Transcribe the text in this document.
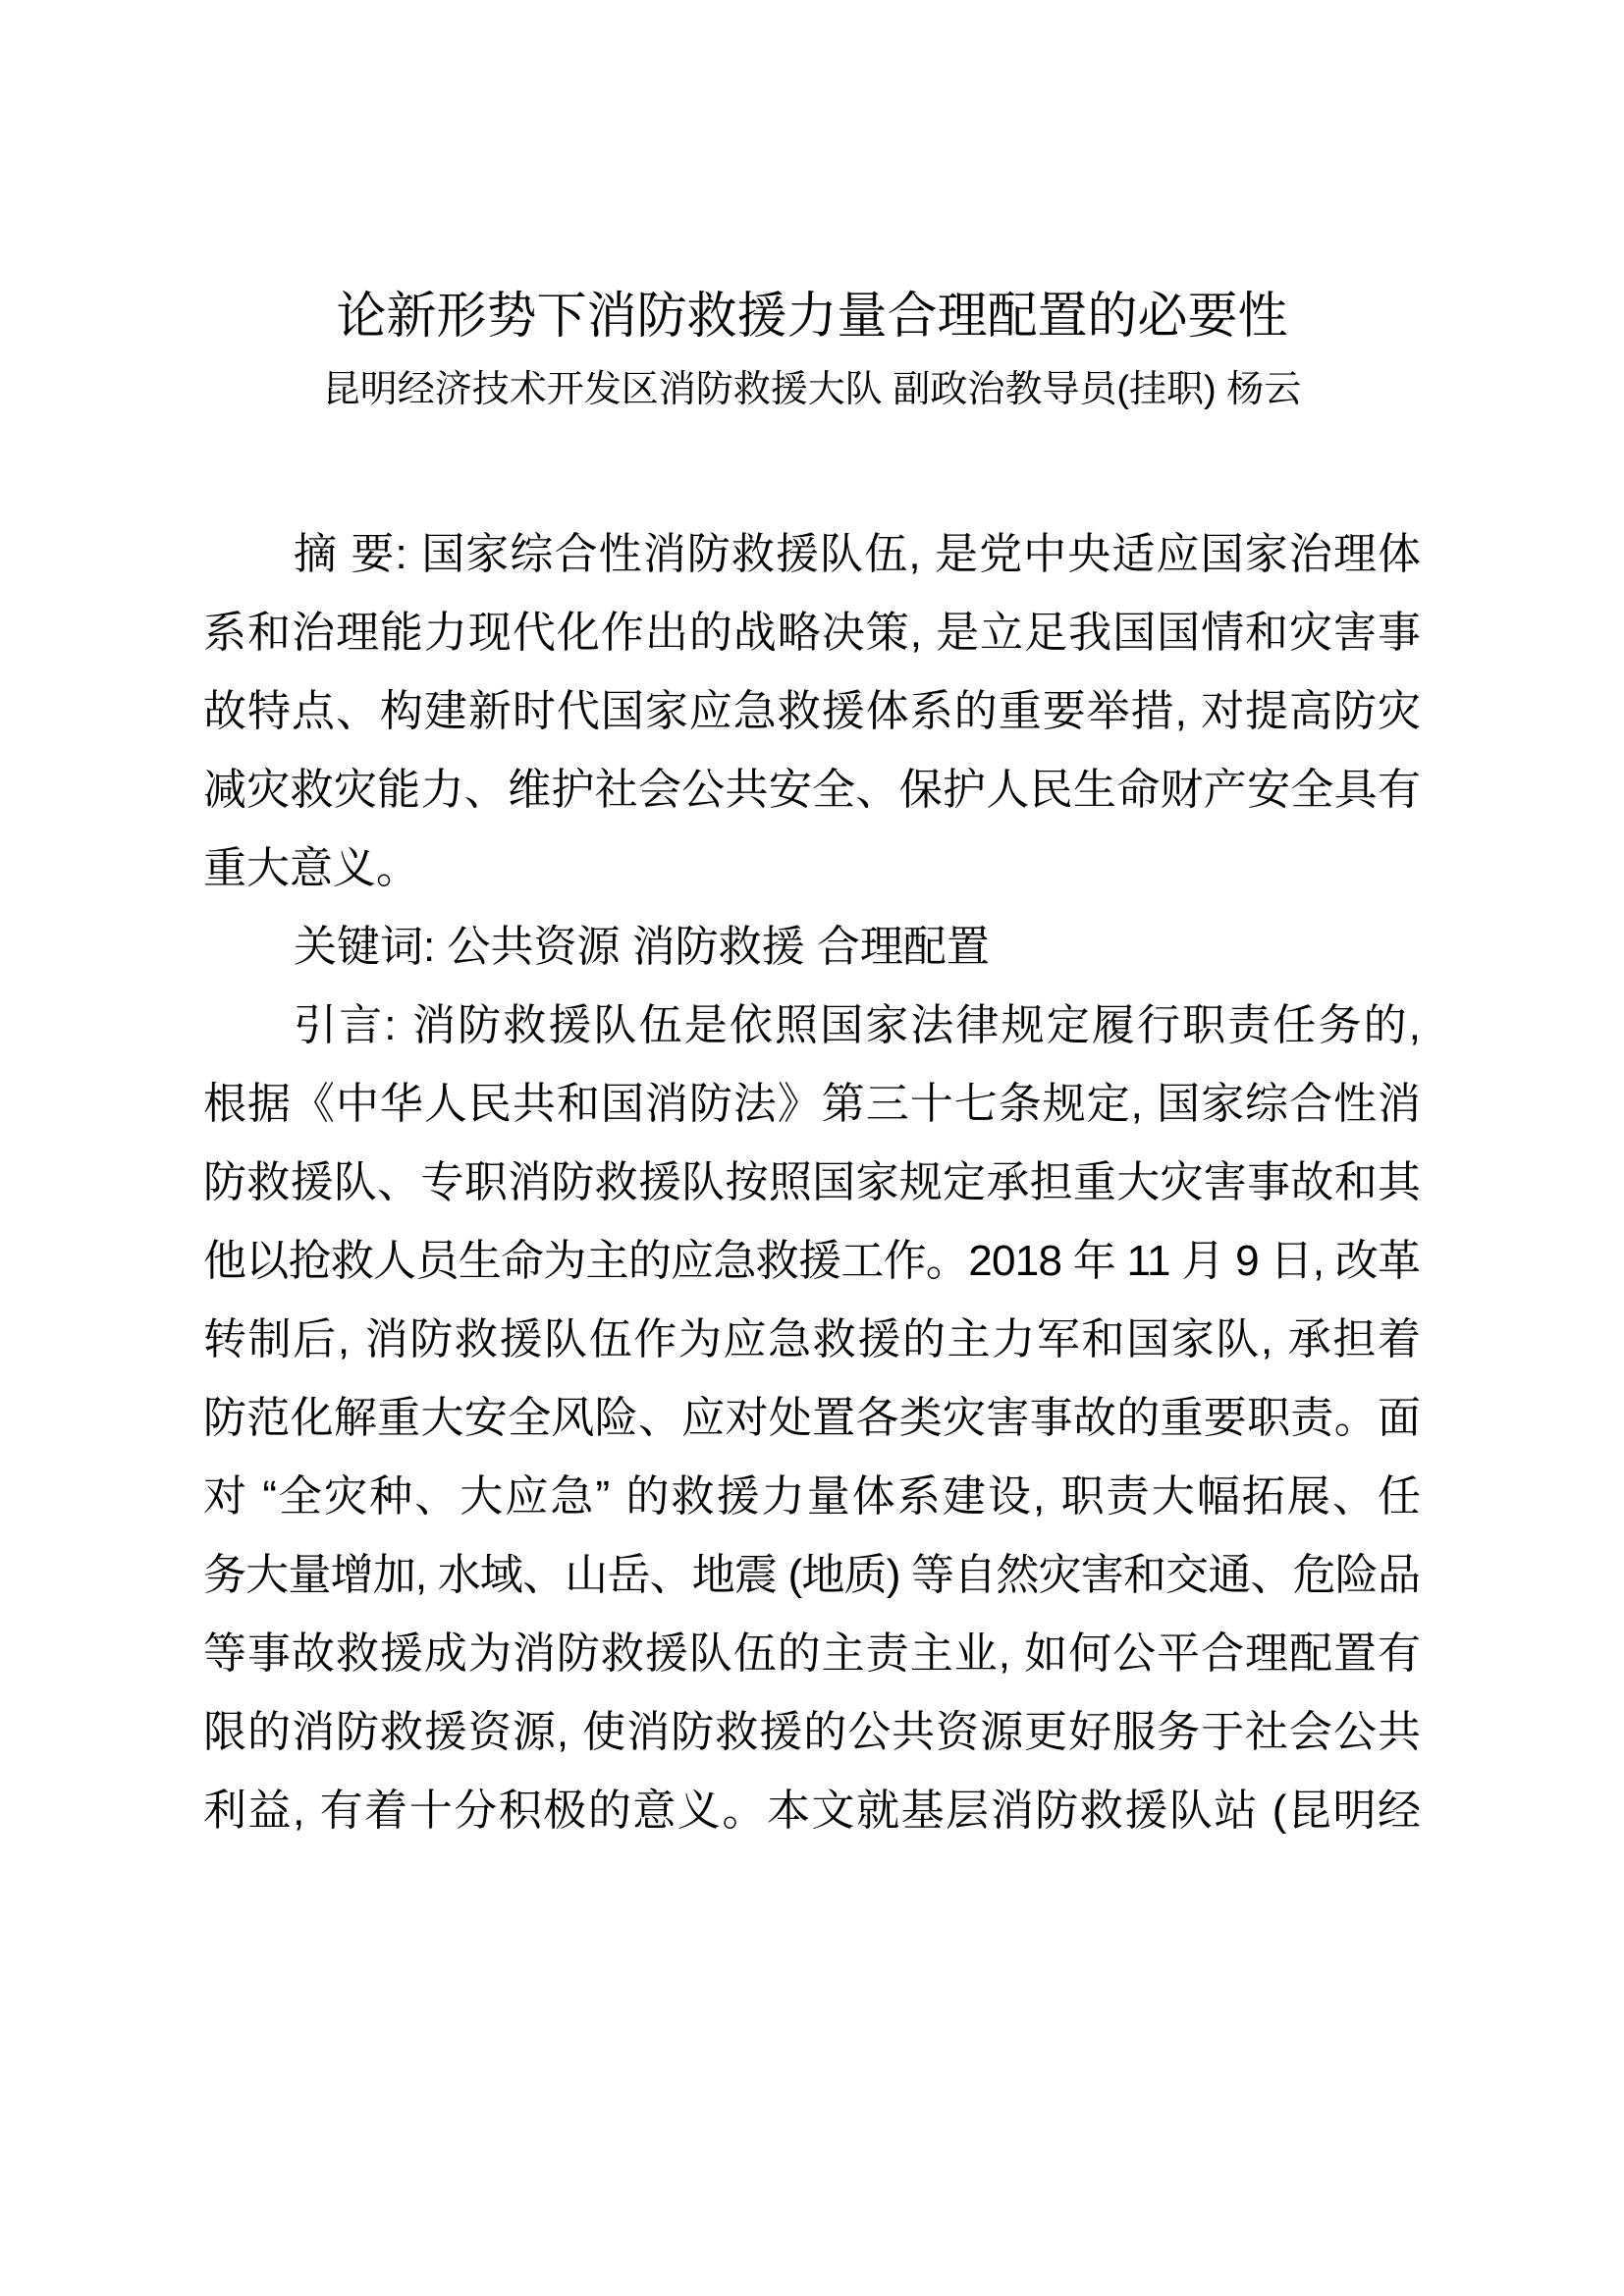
论新形势下消防救援力量合理配置的必要性
昆明经济技术开发区消防救援大队 副政治教导员(挂职) 杨云
摘 要: 国家综合性消防救援队伍, 是党中央适应国家治理体
系和治理能力现代化作出的战略决策, 是立足我国国情和灾害事
故特点、构建新时代国家应急救援体系的重要举措, 对提高防灾
减灾救灾能力、维护社会公共安全、保护人民生命财产安全具有
重大意义。
关键词: 公共资源 消防救援 合理配置
引言: 消防救援队伍是依照国家法律规定履行职责任务的,
根据《中华人民共和国消防法》第三十七条规定, 国家综合性消
防救援队、专职消防救援队按照国家规定承担重大灾害事故和其
他以抢救人员生命为主的应急救援工作。2018 年 11 月 9 日, 改革
转制后, 消防救援队伍作为应急救援的主力军和国家队, 承担着
防范化解重大安全风险、应对处置各类灾害事故的重要职责。面
对 “全灾种、大应急” 的救援力量体系建设, 职责大幅拓展、任
务大量增加, 水域、山岳、地震 (地质) 等自然灾害和交通、危险品
等事故救援成为消防救援队伍的主责主业, 如何公平合理配置有
限的消防救援资源, 使消防救援的公共资源更好服务于社会公共
利益, 有着十分积极的意义。本文就基层消防救援队站 (昆明经
